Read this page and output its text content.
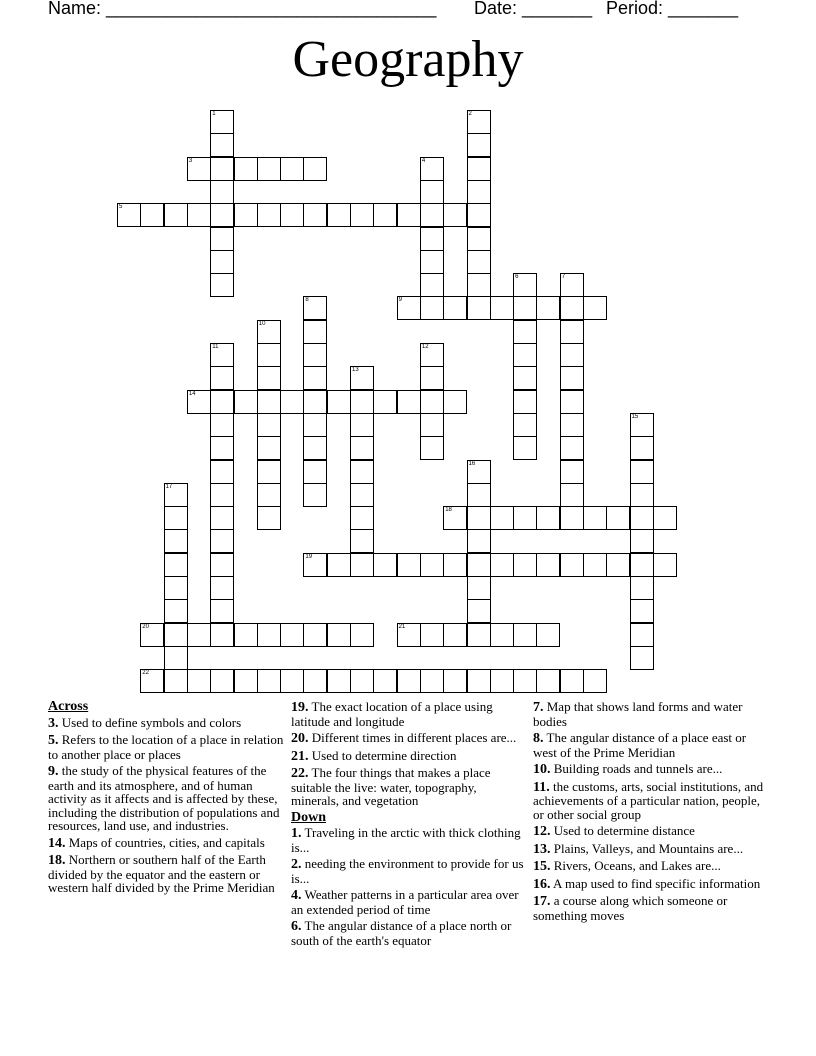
Name: _________________________________ Date: _______ Period: _______
Geography
1	2
3	4
5
6	7
8	9
10
11	12
13
14
15
16
17
18
19
20	21
22
Across
3. Used to define symbols and colors
5. Refers to the location of a place in relation to another place or places
9. the study of the physical features of the earth and its atmosphere, and of human activity as it affects and is affected by these, including the distribution of populations and resources, land use, and industries.
14. Maps of countries, cities, and capitals
18. Northern or southern half of the Earth divided by the equator and the eastern or western half divided by the Prime Meridian
19. The exact location of a place using latitude and longitude
20. Different times in different places are...
21. Used to determine direction
22. The four things that makes a place suitable the live: water, topography, minerals, and vegetation
Down
1. Traveling in the arctic with thick clothing is...
2. needing the environment to provide for us is...
4. Weather patterns in a particular area over an extended period of time
6. The angular distance of a place north or south of the earth's equator
7. Map that shows land forms and water bodies
8. The angular distance of a place east or west of the Prime Meridian
10. Building roads and tunnels are...
11. the customs, arts, social institutions, and achievements of a particular nation, people, or other social group
12. Used to determine distance
13. Plains, Valleys, and Mountains are...
15. Rivers, Oceans, and Lakes are...
16. A map used to find specific information
17. a course along which someone or something moves
